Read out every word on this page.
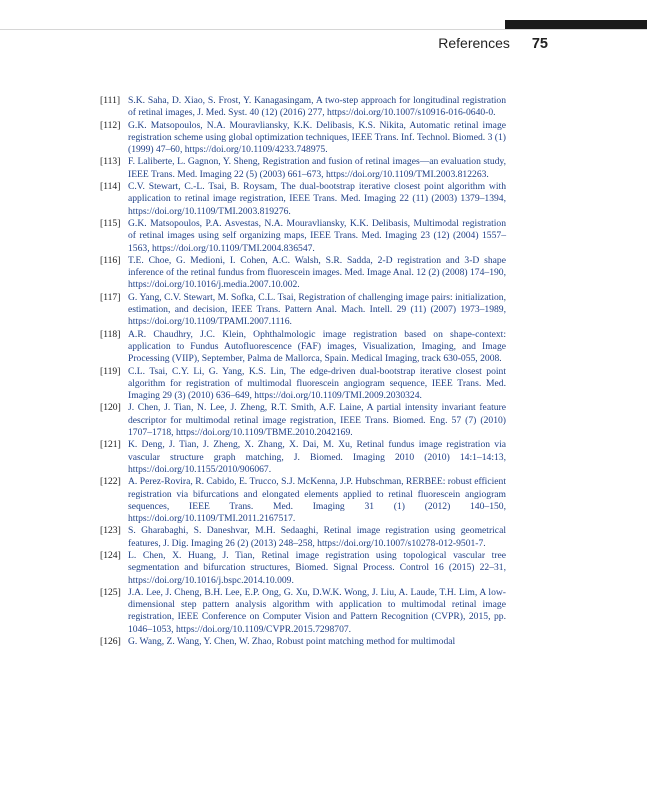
References 75
[111] S.K. Saha, D. Xiao, S. Frost, Y. Kanagasingam, A two-step approach for longitudinal registration of retinal images, J. Med. Syst. 40 (12) (2016) 277, https://doi.org/10.1007/s10916-016-0640-0.
[112] G.K. Matsopoulos, N.A. Mouravliansky, K.K. Delibasis, K.S. Nikita, Automatic retinal image registration scheme using global optimization techniques, IEEE Trans. Inf. Technol. Biomed. 3 (1) (1999) 47–60, https://doi.org/10.1109/4233.748975.
[113] F. Laliberte, L. Gagnon, Y. Sheng, Registration and fusion of retinal images—an evaluation study, IEEE Trans. Med. Imaging 22 (5) (2003) 661–673, https://doi.org/10.1109/TMI.2003.812263.
[114] C.V. Stewart, C.-L. Tsai, B. Roysam, The dual-bootstrap iterative closest point algorithm with application to retinal image registration, IEEE Trans. Med. Imaging 22 (11) (2003) 1379–1394, https://doi.org/10.1109/TMI.2003.819276.
[115] G.K. Matsopoulos, P.A. Asvestas, N.A. Mouravliansky, K.K. Delibasis, Multimodal registration of retinal images using self organizing maps, IEEE Trans. Med. Imaging 23 (12) (2004) 1557–1563, https://doi.org/10.1109/TMI.2004.836547.
[116] T.E. Choe, G. Medioni, I. Cohen, A.C. Walsh, S.R. Sadda, 2-D registration and 3-D shape inference of the retinal fundus from fluorescein images. Med. Image Anal. 12 (2) (2008) 174–190, https://doi.org/10.1016/j.media.2007.10.002.
[117] G. Yang, C.V. Stewart, M. Sofka, C.L. Tsai, Registration of challenging image pairs: initialization, estimation, and decision, IEEE Trans. Pattern Anal. Mach. Intell. 29 (11) (2007) 1973–1989, https://doi.org/10.1109/TPAMI.2007.1116.
[118] A.R. Chaudhry, J.C. Klein, Ophthalmologic image registration based on shape-context: application to Fundus Autofluorescence (FAF) images, Visualization, Imaging, and Image Processing (VIIP), September, Palma de Mallorca, Spain. Medical Imaging, track 630-055, 2008.
[119] C.L. Tsai, C.Y. Li, G. Yang, K.S. Lin, The edge-driven dual-bootstrap iterative closest point algorithm for registration of multimodal fluorescein angiogram sequence, IEEE Trans. Med. Imaging 29 (3) (2010) 636–649, https://doi.org/10.1109/TMI.2009.2030324.
[120] J. Chen, J. Tian, N. Lee, J. Zheng, R.T. Smith, A.F. Laine, A partial intensity invariant feature descriptor for multimodal retinal image registration, IEEE Trans. Biomed. Eng. 57 (7) (2010) 1707–1718, https://doi.org/10.1109/TBME.2010.2042169.
[121] K. Deng, J. Tian, J. Zheng, X. Zhang, X. Dai, M. Xu, Retinal fundus image registration via vascular structure graph matching, J. Biomed. Imaging 2010 (2010) 14:1–14:13, https://doi.org/10.1155/2010/906067.
[122] A. Perez-Rovira, R. Cabido, E. Trucco, S.J. McKenna, J.P. Hubschman, RERBEE: robust efficient registration via bifurcations and elongated elements applied to retinal fluorescein angiogram sequences, IEEE Trans. Med. Imaging 31 (1) (2012) 140–150, https://doi.org/10.1109/TMI.2011.2167517.
[123] S. Gharabaghi, S. Daneshvar, M.H. Sedaaghi, Retinal image registration using geometrical features, J. Dig. Imaging 26 (2) (2013) 248–258, https://doi.org/10.1007/s10278-012-9501-7.
[124] L. Chen, X. Huang, J. Tian, Retinal image registration using topological vascular tree segmentation and bifurcation structures, Biomed. Signal Process. Control 16 (2015) 22–31, https://doi.org/10.1016/j.bspc.2014.10.009.
[125] J.A. Lee, J. Cheng, B.H. Lee, E.P. Ong, G. Xu, D.W.K. Wong, J. Liu, A. Laude, T.H. Lim, A low-dimensional step pattern analysis algorithm with application to multimodal retinal image registration, IEEE Conference on Computer Vision and Pattern Recognition (CVPR), 2015, pp. 1046–1053, https://doi.org/10.1109/CVPR.2015.7298707.
[126] G. Wang, Z. Wang, Y. Chen, W. Zhao, Robust point matching method for multimodal
